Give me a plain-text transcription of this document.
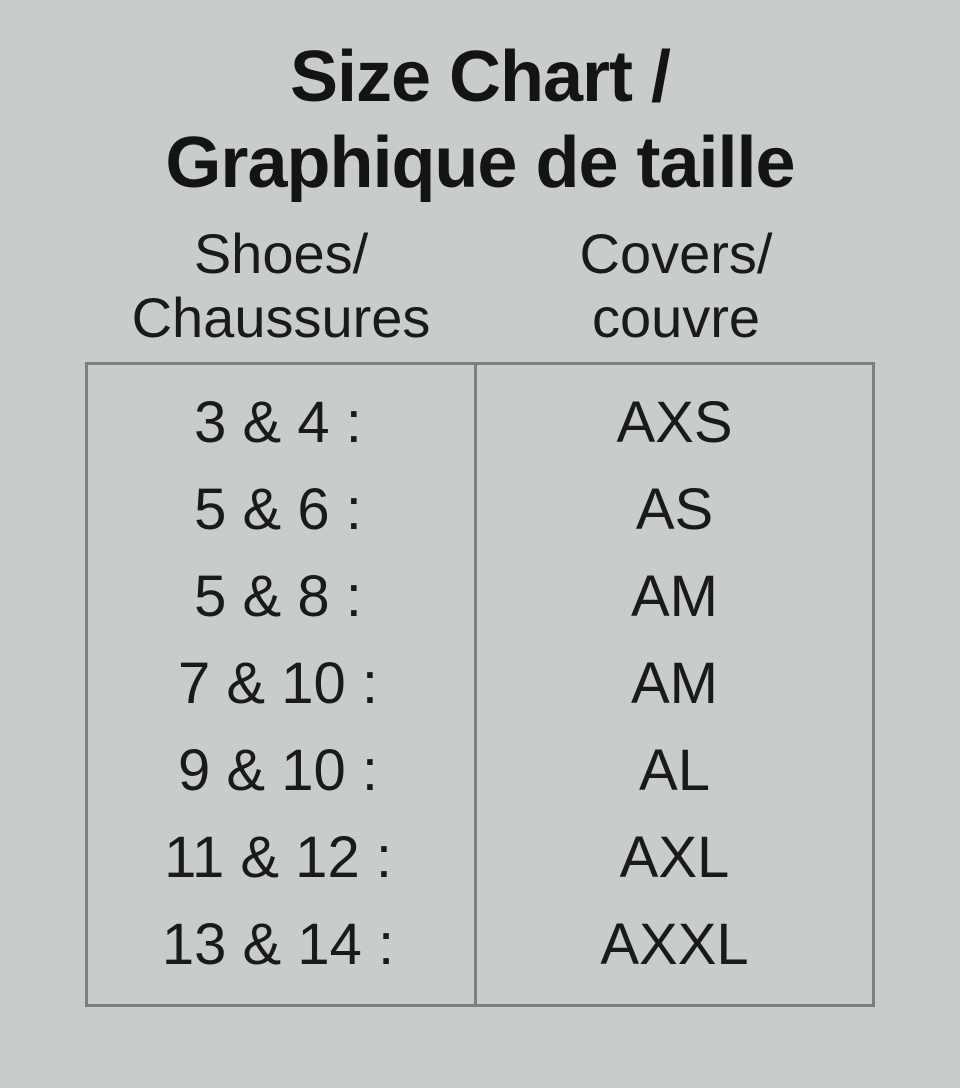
Size Chart /
Graphique de taille
Shoes/
Chaussures
Covers/
couvre
3 & 4 :
5 & 6 :
5 & 8 :
7 & 10 :
9 & 10 :
11 & 12 :
13 & 14 :
AXS
AS
AM
AM
AL
AXL
AXXL
